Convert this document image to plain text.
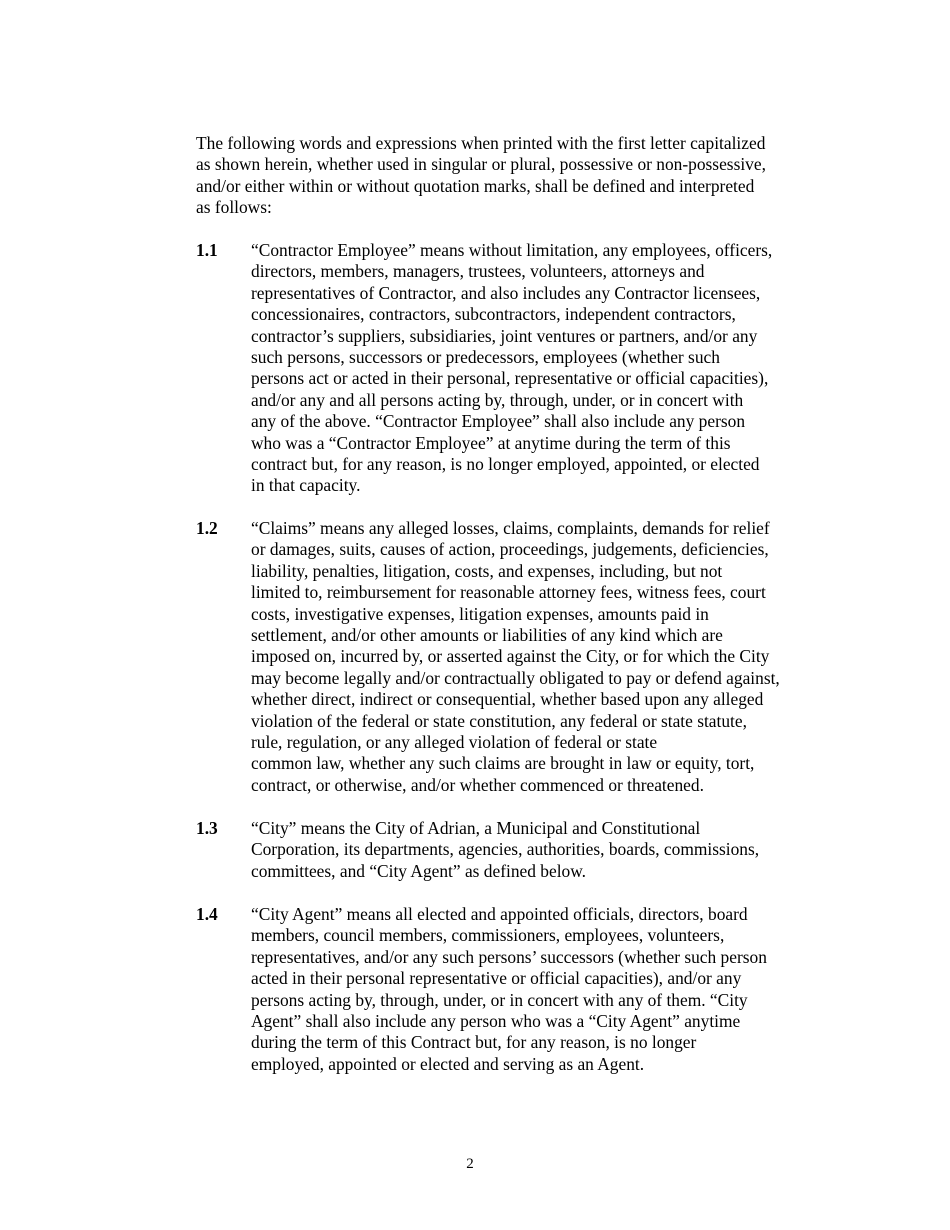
The following words and expressions when printed with the first letter capitalized
as shown herein, whether used in singular or plural, possessive or non-possessive,
and/or either within or without quotation marks, shall be defined and interpreted
as follows:

1.1 “Contractor Employee” means without limitation, any employees, officers,
directors, members, managers, trustees, volunteers, attorneys and
representatives of Contractor, and also includes any Contractor licensees,
concessionaires, contractors, subcontractors, independent contractors,
contractor’s suppliers, subsidiaries, joint ventures or partners, and/or any
such persons, successors or predecessors, employees (whether such
persons act or acted in their personal, representative or official capacities),
and/or any and all persons acting by, through, under, or in concert with
any of the above. “Contractor Employee” shall also include any person
who was a “Contractor Employee” at anytime during the term of this
contract but, for any reason, is no longer employed, appointed, or elected
in that capacity.

1.2 “Claims” means any alleged losses, claims, complaints, demands for relief
or damages, suits, causes of action, proceedings, judgements, deficiencies,
liability, penalties, litigation, costs, and expenses, including, but not
limited to, reimbursement for reasonable attorney fees, witness fees, court
costs, investigative expenses, litigation expenses, amounts paid in
settlement, and/or other amounts or liabilities of any kind which are
imposed on, incurred by, or asserted against the City, or for which the City
may become legally and/or contractually obligated to pay or defend against,
whether direct, indirect or consequential, whether based upon any alleged
violation of the federal or state constitution, any federal or state statute,
rule, regulation, or any alleged violation of federal or state
common law, whether any such claims are brought in law or equity, tort,
contract, or otherwise, and/or whether commenced or threatened.

1.3 “City” means the City of Adrian, a Municipal and Constitutional
Corporation, its departments, agencies, authorities, boards, commissions,
committees, and “City Agent” as defined below.

1.4 “City Agent” means all elected and appointed officials, directors, board
members, council members, commissioners, employees, volunteers,
representatives, and/or any such persons’ successors (whether such person
acted in their personal representative or official capacities), and/or any
persons acting by, through, under, or in concert with any of them. “City
Agent” shall also include any person who was a “City Agent” anytime
during the term of this Contract but, for any reason, is no longer
employed, appointed or elected and serving as an Agent.

2
